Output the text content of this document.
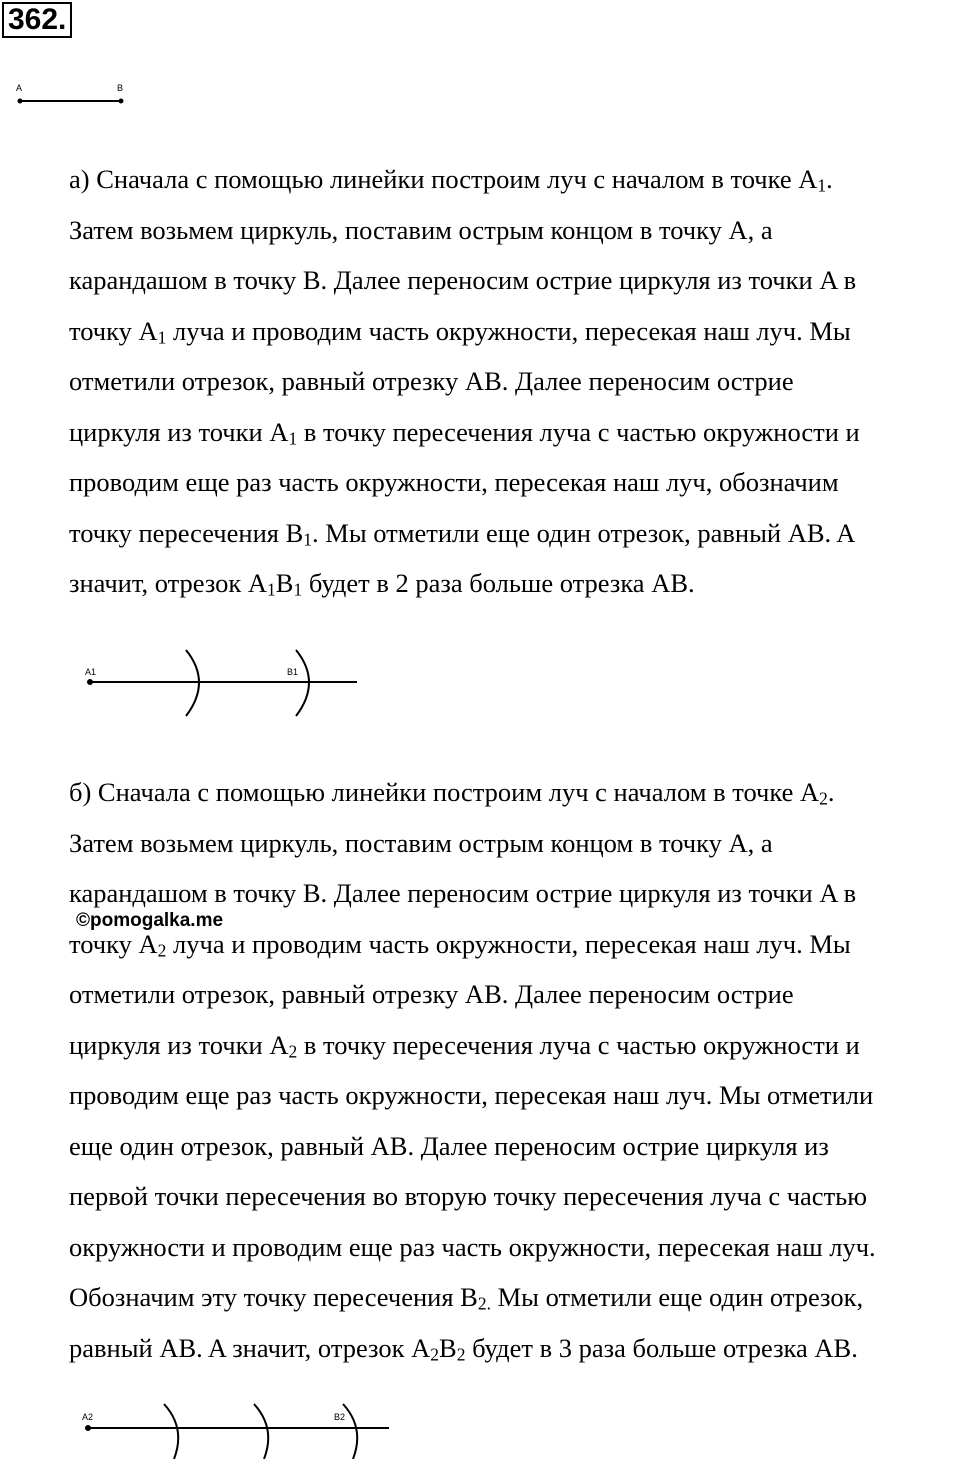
362.
A	B
а) Сначала с помощью линейки построим луч с началом в точке $A_1$.
Затем возьмем циркуль, поставим острым концом в точку A, а
карандашом в точку B. Далее переносим острие циркуля из точки A в
точку $A_1$ луча и проводим часть окружности, пересекая наш луч. Мы
отметили отрезок, равный отрезку AB. Далее переносим острие
циркуля из точки $A_1$ в точку пересечения луча с частью окружности и
проводим еще раз часть окружности, пересекая наш луч, обозначим
точку пересечения $B_1$. Мы отметили еще один отрезок, равный AB. A
значит, отрезок $A_1B_1$ будет в 2 раза больше отрезка AB.
A1	B1
б) Сначала с помощью линейки построим луч с началом в точке $A_2$.
Затем возьмем циркуль, поставим острым концом в точку A, а
карандашом в точку B. Далее переносим острие циркуля из точки A в
точку $A_2$ луча и проводим часть окружности, пересекая наш луч. Мы
отметили отрезок, равный отрезку AB. Далее переносим острие
циркуля из точки $A_2$ в точку пересечения луча с частью окружности и
проводим еще раз часть окружности, пересекая наш луч. Мы отметили
еще один отрезок, равный AB. Далее переносим острие циркуля из
первой точки пересечения во вторую точку пересечения луча с частью
окружности и проводим еще раз часть окружности, пересекая наш луч.
Обозначим эту точку пересечения $B_{2.}$ Мы отметили еще один отрезок,
равный AB. A значит, отрезок $A_2B_2$ будет в 3 раза больше отрезка AB.
©pomogalka.me
A2	B2
